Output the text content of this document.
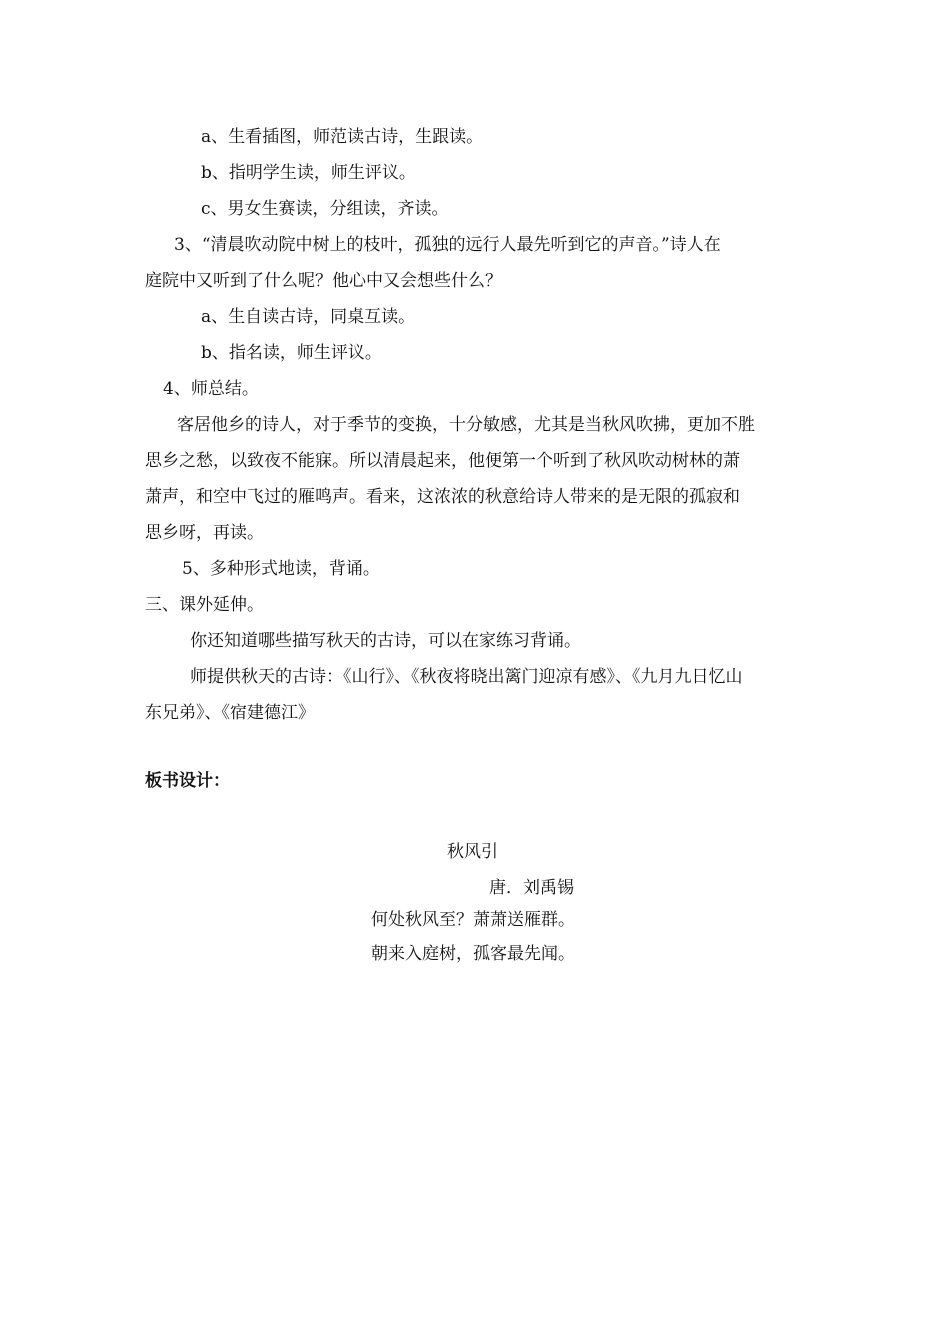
a、生看插图，师范读古诗，生跟读。
b、指明学生读，师生评议。
c、男女生赛读，分组读，齐读。
3、“清晨吹动院中树上的枝叶，孤独的远行人最先听到它的声音。”诗人在
庭院中又听到了什么呢？他心中又会想些什么？
a、生自读古诗，同桌互读。
b、指名读，师生评议。
4、师总结。
客居他乡的诗人，对于季节的变换，十分敏感，尤其是当秋风吹拂，更加不胜
思乡之愁，以致夜不能寐。所以清晨起来，他便第一个听到了秋风吹动树林的萧
萧声，和空中飞过的雁鸣声。看来，这浓浓的秋意给诗人带来的是无限的孤寂和
思乡呀，再读。
5、多种形式地读，背诵。
三、课外延伸。
你还知道哪些描写秋天的古诗，可以在家练习背诵。
师提供秋天的古诗：《山行》、《秋夜将晓出篱门迎凉有感》、《九月九日忆山
东兄弟》、《宿建德江》
板书设计：
秋风引
唐．刘禹锡
何处秋风至？萧萧送雁群。
朝来入庭树，孤客最先闻。
